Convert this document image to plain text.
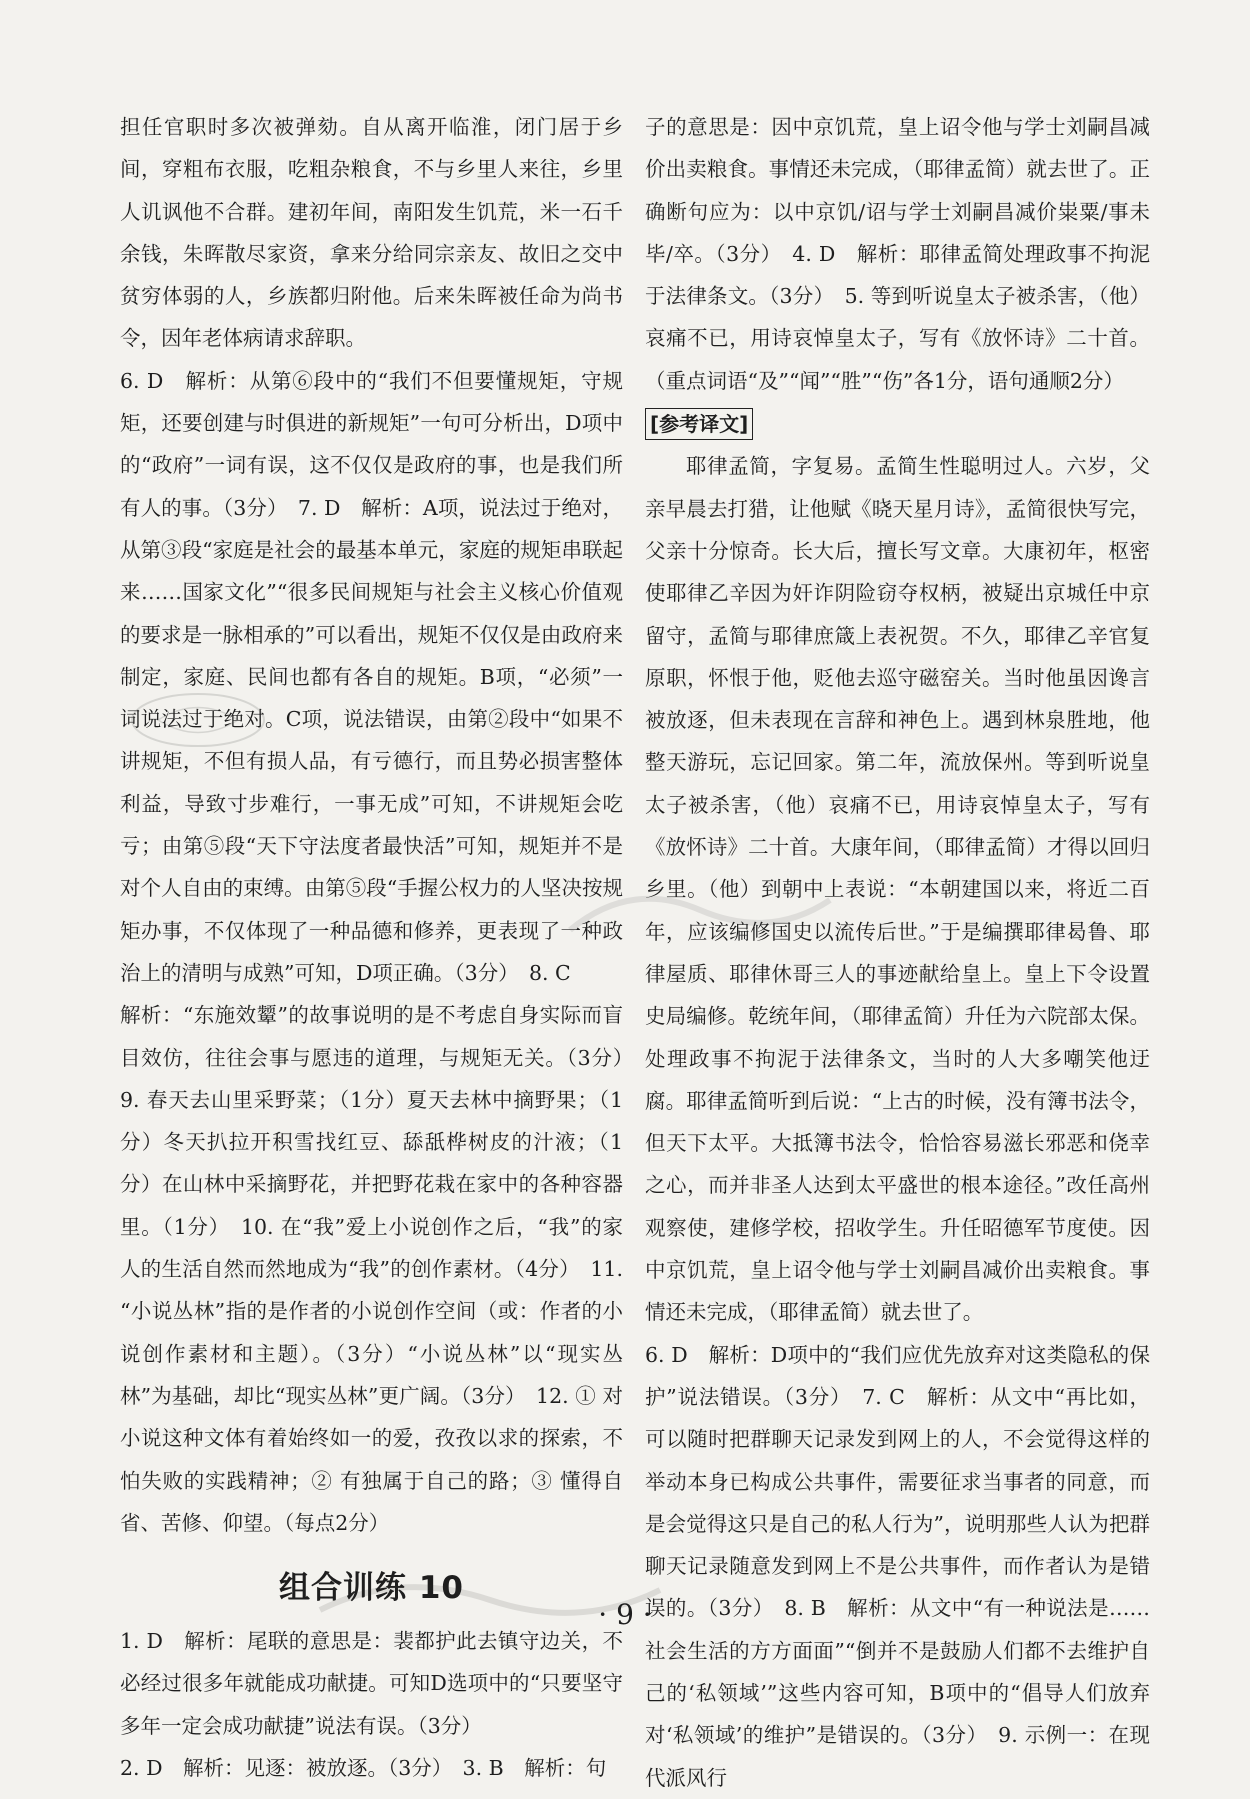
担任官职时多次被弹劾。自从离开临淮，闭门居于乡间，穿粗布衣服，吃粗杂粮食，不与乡里人来往，乡里人讥讽他不合群。建初年间，南阳发生饥荒，米一石千余钱，朱晖散尽家资，拿来分给同宗亲友、故旧之交中贫穷体弱的人，乡族都归附他。后来朱晖被任命为尚书令，因年老体病请求辞职。

6. D　解析：从第⑥段中的“我们不但要懂规矩，守规矩，还要创建与时俱进的新规矩”一句可分析出，D项中的“政府”一词有误，这不仅仅是政府的事，也是我们所有人的事。（3分）　7. D　解析：A项，说法过于绝对，从第③段“家庭是社会的最基本单元，家庭的规矩串联起来……国家文化”“很多民间规矩与社会主义核心价值观的要求是一脉相承的”可以看出，规矩不仅仅是由政府来制定，家庭、民间也都有各自的规矩。B项，“必须”一词说法过于绝对。C项，说法错误，由第②段中“如果不讲规矩，不但有损人品，有亏德行，而且势必损害整体利益，导致寸步难行，一事无成”可知，不讲规矩会吃亏；由第⑤段“天下守法度者最快活”可知，规矩并不是对个人自由的束缚。由第⑤段“手握公权力的人坚决按规矩办事，不仅体现了一种品德和修养，更表现了一种政治上的清明与成熟”可知，D项正确。（3分）　8. C

解析：“东施效颦”的故事说明的是不考虑自身实际而盲目效仿，往往会事与愿违的道理，与规矩无关。（3分）　9. 春天去山里采野菜；（1分）夏天去林中摘野果；（1分）冬天扒拉开积雪找红豆、舔舐桦树皮的汁液；（1分）在山林中采摘野花，并把野花栽在家中的各种容器里。（1分）　10. 在“我”爱上小说创作之后，“我”的家人的生活自然而然地成为“我”的创作素材。（4分）　11. “小说丛林”指的是作者的小说创作空间（或：作者的小说创作素材和主题）。（3分）“小说丛林”以“现实丛林”为基础，却比“现实丛林”更广阔。（3分）　12. ① 对小说这种文体有着始终如一的爱，孜孜以求的探索，不怕失败的实践精神；② 有独属于自己的路；③ 懂得自省、苦修、仰望。（每点2分）

组合训练 10

1. D　解析：尾联的意思是：裴都护此去镇守边关，不必经过很多年就能成功献捷。可知D选项中的“只要坚守多年一定会成功献捷”说法有误。（3分）

2. D　解析：见逐：被放逐。（3分）　3. B　解析：句

子的意思是：因中京饥荒，皇上诏令他与学士刘嗣昌减价出卖粮食。事情还未完成，（耶律孟简）就去世了。正确断句应为：以中京饥/诏与学士刘嗣昌减价粜粟/事未毕/卒。（3分）　4. D　解析：耶律孟简处理政事不拘泥于法律条文。（3分）　5. 等到听说皇太子被杀害，（他）哀痛不已，用诗哀悼皇太子，写有《放怀诗》二十首。（重点词语“及”“闻”“胜”“伤”各1分，语句通顺2分）

[参考译文]

耶律孟简，字复易。孟简生性聪明过人。六岁，父亲早晨去打猎，让他赋《晓天星月诗》，孟简很快写完，父亲十分惊奇。长大后，擅长写文章。大康初年，枢密使耶律乙辛因为奸诈阴险窃夺权柄，被疑出京城任中京留守，孟简与耶律庶箴上表祝贺。不久，耶律乙辛官复原职，怀恨于他，贬他去巡守磁窑关。当时他虽因谗言被放逐，但未表现在言辞和神色上。遇到林泉胜地，他整天游玩，忘记回家。第二年，流放保州。等到听说皇太子被杀害，（他）哀痛不已，用诗哀悼皇太子，写有《放怀诗》二十首。大康年间，（耶律孟简）才得以回归乡里。（他）到朝中上表说：“本朝建国以来，将近二百年，应该编修国史以流传后世。”于是编撰耶律曷鲁、耶律屋质、耶律休哥三人的事迹献给皇上。皇上下令设置史局编修。乾统年间，（耶律孟简）升任为六院部太保。处理政事不拘泥于法律条文，当时的人大多嘲笑他迂腐。耶律孟简听到后说：“上古的时候，没有簿书法令，但天下太平。大抵簿书法令，恰恰容易滋长邪恶和侥幸之心，而并非圣人达到太平盛世的根本途径。”改任高州观察使，建修学校，招收学生。升任昭德军节度使。因中京饥荒，皇上诏令他与学士刘嗣昌减价出卖粮食。事情还未完成，（耶律孟简）就去世了。

6. D　解析：D项中的“我们应优先放弃对这类隐私的保护”说法错误。（3分）　7. C　解析：从文中“再比如，可以随时把群聊天记录发到网上的人，不会觉得这样的举动本身已构成公共事件，需要征求当事者的同意，而是会觉得这只是自己的私人行为”，说明那些人认为把群聊天记录随意发到网上不是公共事件，而作者认为是错误的。（3分）　8. B　解析：从文中“有一种说法是……社会生活的方方面面”“倒并不是鼓励人们都不去维护自己的‘私领域’”这些内容可知，B项中的“倡导人们放弃对‘私领域’的维护”是错误的。（3分）　9. 示例一：在现代派风行

· 9 ·
